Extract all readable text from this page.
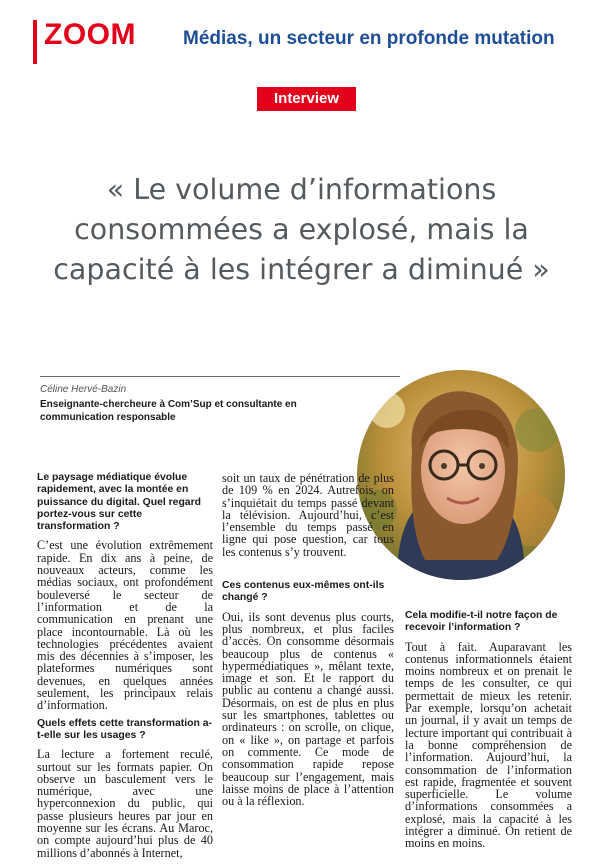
ZOOM Médias, un secteur en profonde mutation
Interview
« Le volume d’informations consommées a explosé, mais la capacité à les intégrer a diminué »

Céline Hervé-Bazin

Enseignante-chercheure à Com’Sup et consultante en communication responsable

Le paysage médiatique évolue rapidement, avec la montée en puissance du digital. Quel regard portez-vous sur cette transformation ?

C’est une évolution extrêmement rapide. En dix ans à peine, de nouveaux acteurs, comme les médias sociaux, ont profondément bouleversé le secteur de l’information et de la communication en prenant une place incontournable. Là où les technologies précédentes avaient mis des décennies à s’imposer, les plateformes numériques sont devenues, en quelques années seulement, les principaux relais d’information.

Quels effets cette transformation a-t-elle sur les usages ?

La lecture a fortement reculé, surtout sur les formats papier. On observe un basculement vers le numérique, avec une hyperconnexion du public, qui passe plusieurs heures par jour en moyenne sur les écrans. Au Maroc, on compte aujourd’hui plus de 40 millions d’abonnés à Internet,

soit un taux de pénétration de plus de 109 % en 2024. Autrefois, on s’inquiétait du temps passé devant la télévision. Aujourd’hui, c’est l’ensemble du temps passé en ligne qui pose question, car tous les contenus s’y trouvent.

Ces contenus eux-mêmes ont-ils changé ?

Oui, ils sont devenus plus courts, plus nombreux, et plus faciles d’accès. On consomme désormais beaucoup plus de contenus « hypermédiatiques », mêlant texte, image et son. Et le rapport du public au contenu a changé aussi. Désormais, on est de plus en plus sur les smartphones, tablettes ou ordinateurs : on scrolle, on clique, on « like », on partage et parfois on commente. Ce mode de consommation rapide repose beaucoup sur l’engagement, mais laisse moins de place à l’attention ou à la réflexion.

Cela modifie-t-il notre façon de recevoir l’information ?

Tout à fait. Auparavant les contenus informationnels étaient moins nombreux et on prenait le temps de les consulter, ce qui permettait de mieux les retenir. Par exemple, lorsqu’on achetait un journal, il y avait un temps de lecture important qui contribuait à la bonne compréhension de l’information. Aujourd’hui, la consommation de l’information est rapide, fragmentée et souvent superficielle. Le volume d’informations consommées a explosé, mais la capacité à les intégrer a diminué. On retient de moins en moins.
